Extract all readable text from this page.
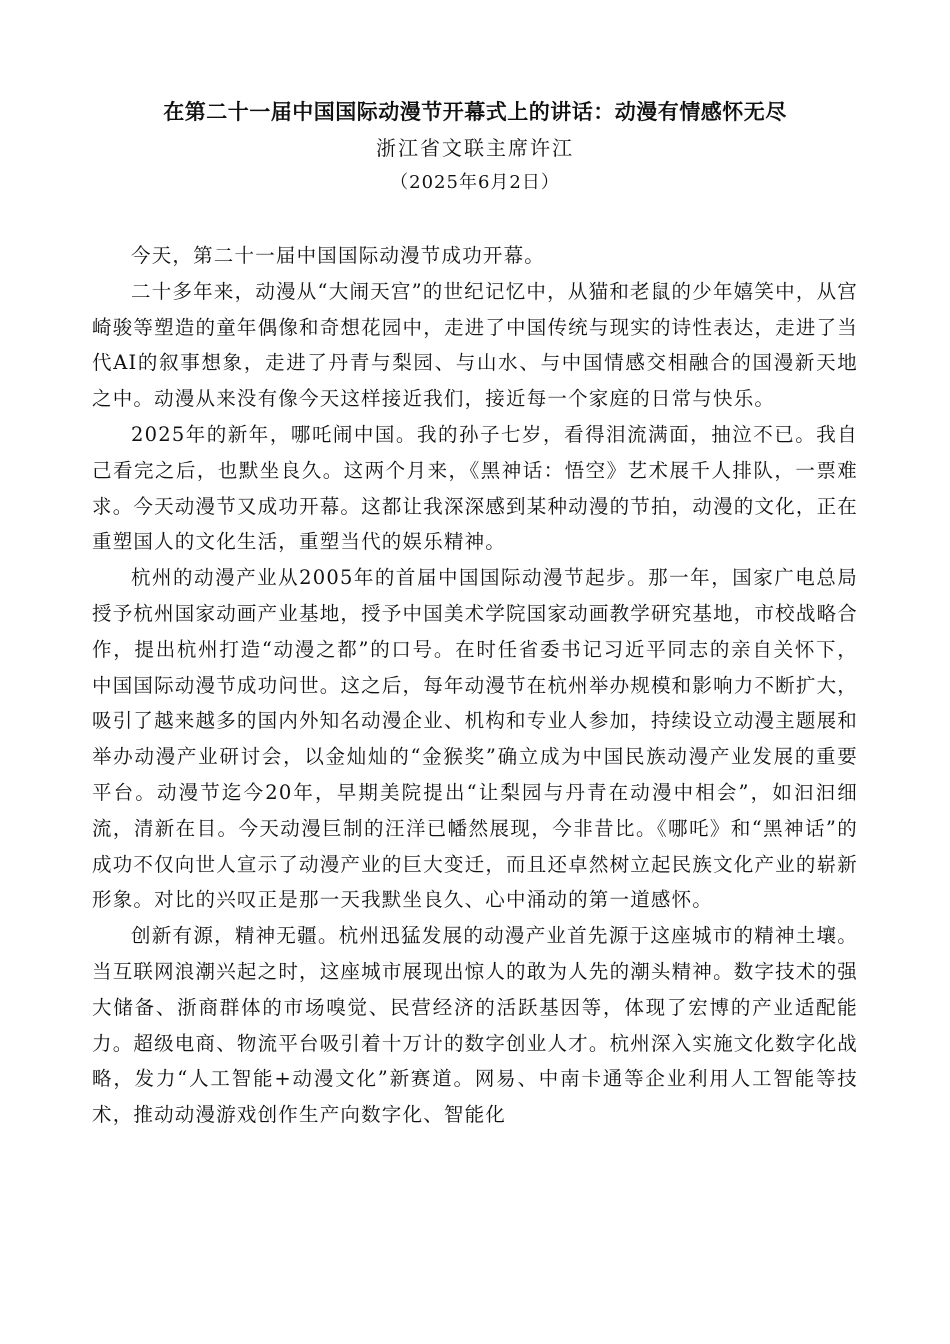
在第二十一届中国国际动漫节开幕式上的讲话：动漫有情感怀无尽
浙江省文联主席许江
（2025年6月2日）

今天，第二十一届中国国际动漫节成功开幕。

二十多年来，动漫从“大闹天宫”的世纪记忆中，从猫和老鼠的少年嬉笑中，从宫崎骏等塑造的童年偶像和奇想花园中，走进了中国传统与现实的诗性表达，走进了当代AI的叙事想象，走进了丹青与梨园、与山水、与中国情感交相融合的国漫新天地之中。动漫从来没有像今天这样接近我们，接近每一个家庭的日常与快乐。

2025年的新年，哪吒闹中国。我的孙子七岁，看得泪流满面，抽泣不已。我自己看完之后，也默坐良久。这两个月来，《黑神话：悟空》艺术展千人排队，一票难求。今天动漫节又成功开幕。这都让我深深感到某种动漫的节拍，动漫的文化，正在重塑国人的文化生活，重塑当代的娱乐精神。

杭州的动漫产业从2005年的首届中国国际动漫节起步。那一年，国家广电总局授予杭州国家动画产业基地，授予中国美术学院国家动画教学研究基地，市校战略合作，提出杭州打造“动漫之都”的口号。在时任省委书记习近平同志的亲自关怀下，中国国际动漫节成功问世。这之后，每年动漫节在杭州举办规模和影响力不断扩大，吸引了越来越多的国内外知名动漫企业、机构和专业人参加，持续设立动漫主题展和举办动漫产业研讨会，以金灿灿的“金猴奖”确立成为中国民族动漫产业发展的重要平台。动漫节迄今20年，早期美院提出“让梨园与丹青在动漫中相会”，如汩汩细流，清新在目。今天动漫巨制的汪洋已幡然展现，今非昔比。《哪吒》和“黑神话”的成功不仅向世人宣示了动漫产业的巨大变迁，而且还卓然树立起民族文化产业的崭新形象。对比的兴叹正是那一天我默坐良久、心中涌动的第一道感怀。

创新有源，精神无疆。杭州迅猛发展的动漫产业首先源于这座城市的精神土壤。当互联网浪潮兴起之时，这座城市展现出惊人的敢为人先的潮头精神。数字技术的强大储备、浙商群体的市场嗅觉、民营经济的活跃基因等，体现了宏博的产业适配能力。超级电商、物流平台吸引着十万计的数字创业人才。杭州深入实施文化数字化战略，发力“人工智能+动漫文化”新赛道。网易、中南卡通等企业利用人工智能等技术，推动动漫游戏创作生产向数字化、智能化
